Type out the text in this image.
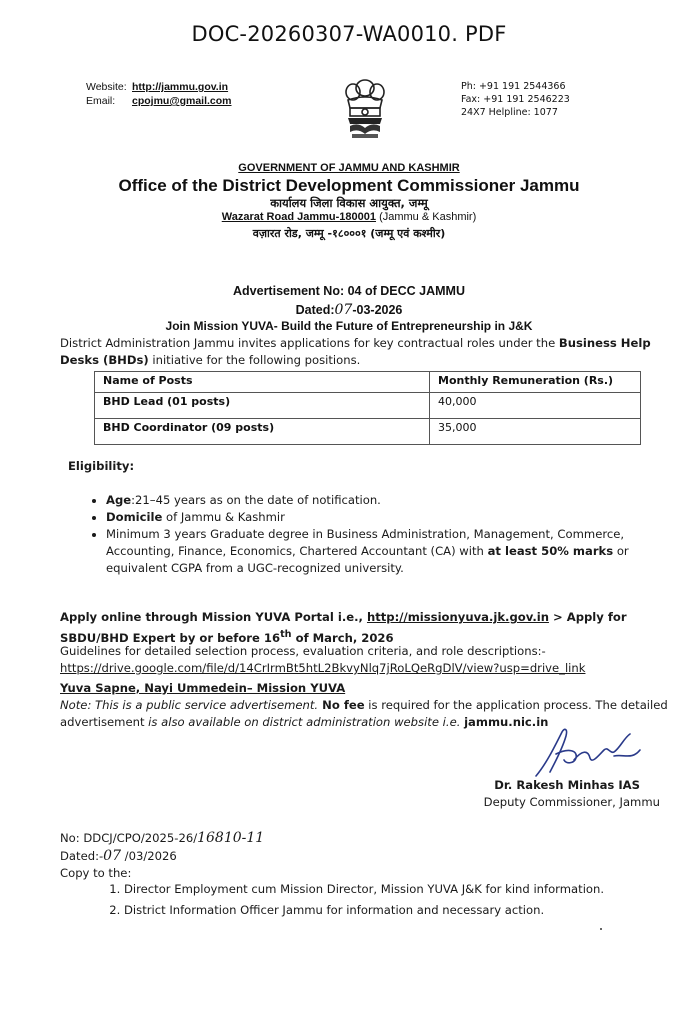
DOC-20260307-WA0010. PDF
Website: http://jammu.gov.in
Email: cpojmu@gmail.com
Ph: +91 191 2544366
Fax: +91 191 2546223
24X7 Helpline: 1077
GOVERNMENT OF JAMMU AND KASHMIR
Office of the District Development Commissioner Jammu
कार्यालय जिला विकास आयुक्त, जम्मू
Wazarat Road Jammu-180001 (Jammu & Kashmir)
वज़ारत रोड, जम्मू -१८०००१ (जम्मू एवं कश्मीर)
Advertisement No: 04 of DECC JAMMU
Dated:07-03-2026
Join Mission YUVA- Build the Future of Entrepreneurship in J&K
District Administration Jammu invites applications for key contractual roles under the Business Help Desks (BHDs) initiative for the following positions.
Name of Posts	Monthly Remuneration (Rs.)
BHD Lead (01 posts)	40,000
BHD Coordinator (09 posts)	35,000
Eligibility:
• Age:21–45 years as on the date of notification.
• Domicile of Jammu & Kashmir
• Minimum 3 years Graduate degree in Business Administration, Management, Commerce, Accounting, Finance, Economics, Chartered Accountant (CA) with at least 50% marks or equivalent CGPA from a UGC-recognized university.
Apply online through Mission YUVA Portal i.e., http://missionyuva.jk.gov.in > Apply for SBDU/BHD Expert by or before 16th of March, 2026
Guidelines for detailed selection process, evaluation criteria, and role descriptions:-
https://drive.google.com/file/d/14CrIrmBt5htL2BkvyNlq7jRoLQeRgDlV/view?usp=drive_link
Yuva Sapne, Nayi Ummedein– Mission YUVA
Note: This is a public service advertisement. No fee is required for the application process. The detailed advertisement is also available on district administration website i.e. jammu.nic.in
Dr. Rakesh Minhas IAS
Deputy Commissioner, Jammu
No: DDCJ/CPO/2025-26/16810-11
Dated:-07 /03/2026
Copy to the:
1. Director Employment cum Mission Director, Mission YUVA J&K for kind information.
2. District Information Officer Jammu for information and necessary action.
